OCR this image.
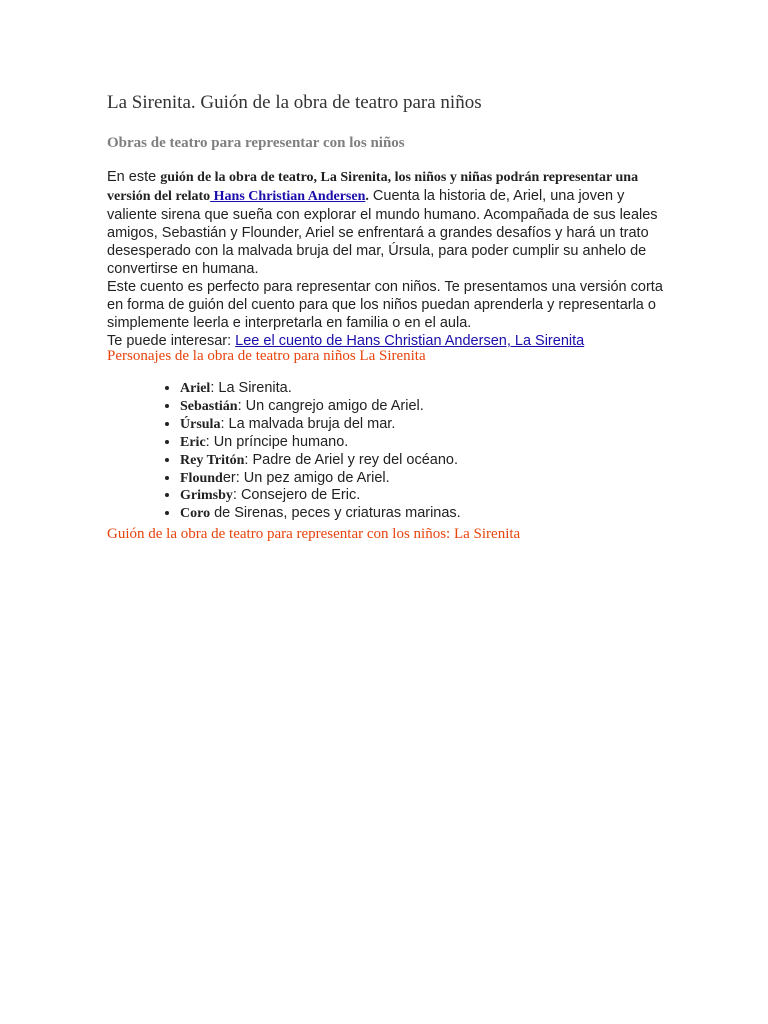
La Sirenita. Guión de la obra de teatro para niños
Obras de teatro para representar con los niños

En este guión de la obra de teatro, La Sirenita, los niños y niñas podrán representar una versión del relato Hans Christian Andersen. Cuenta la historia de, Ariel, una joven y valiente sirena que sueña con explorar el mundo humano. Acompañada de sus leales amigos, Sebastián y Flounder, Ariel se enfrentará a grandes desafíos y hará un trato desesperado con la malvada bruja del mar, Úrsula, para poder cumplir su anhelo de convertirse en humana.

Este cuento es perfecto para representar con niños. Te presentamos una versión corta en forma de guión del cuento para que los niños puedan aprenderla y representarla o simplemente leerla e interpretarla en familia o en el aula.

Te puede interesar: Lee el cuento de Hans Christian Andersen, La Sirenita

Personajes de la obra de teatro para niños La Sirenita
• Ariel: La Sirenita.
• Sebastián: Un cangrejo amigo de Ariel.
• Úrsula: La malvada bruja del mar.
• Eric: Un príncipe humano.
• Rey Tritón: Padre de Ariel y rey del océano.
• Flounder: Un pez amigo de Ariel.
• Grimsby: Consejero de Eric.
• Coro de Sirenas, peces y criaturas marinas.
Guión de la obra de teatro para representar con los niños: La Sirenita
